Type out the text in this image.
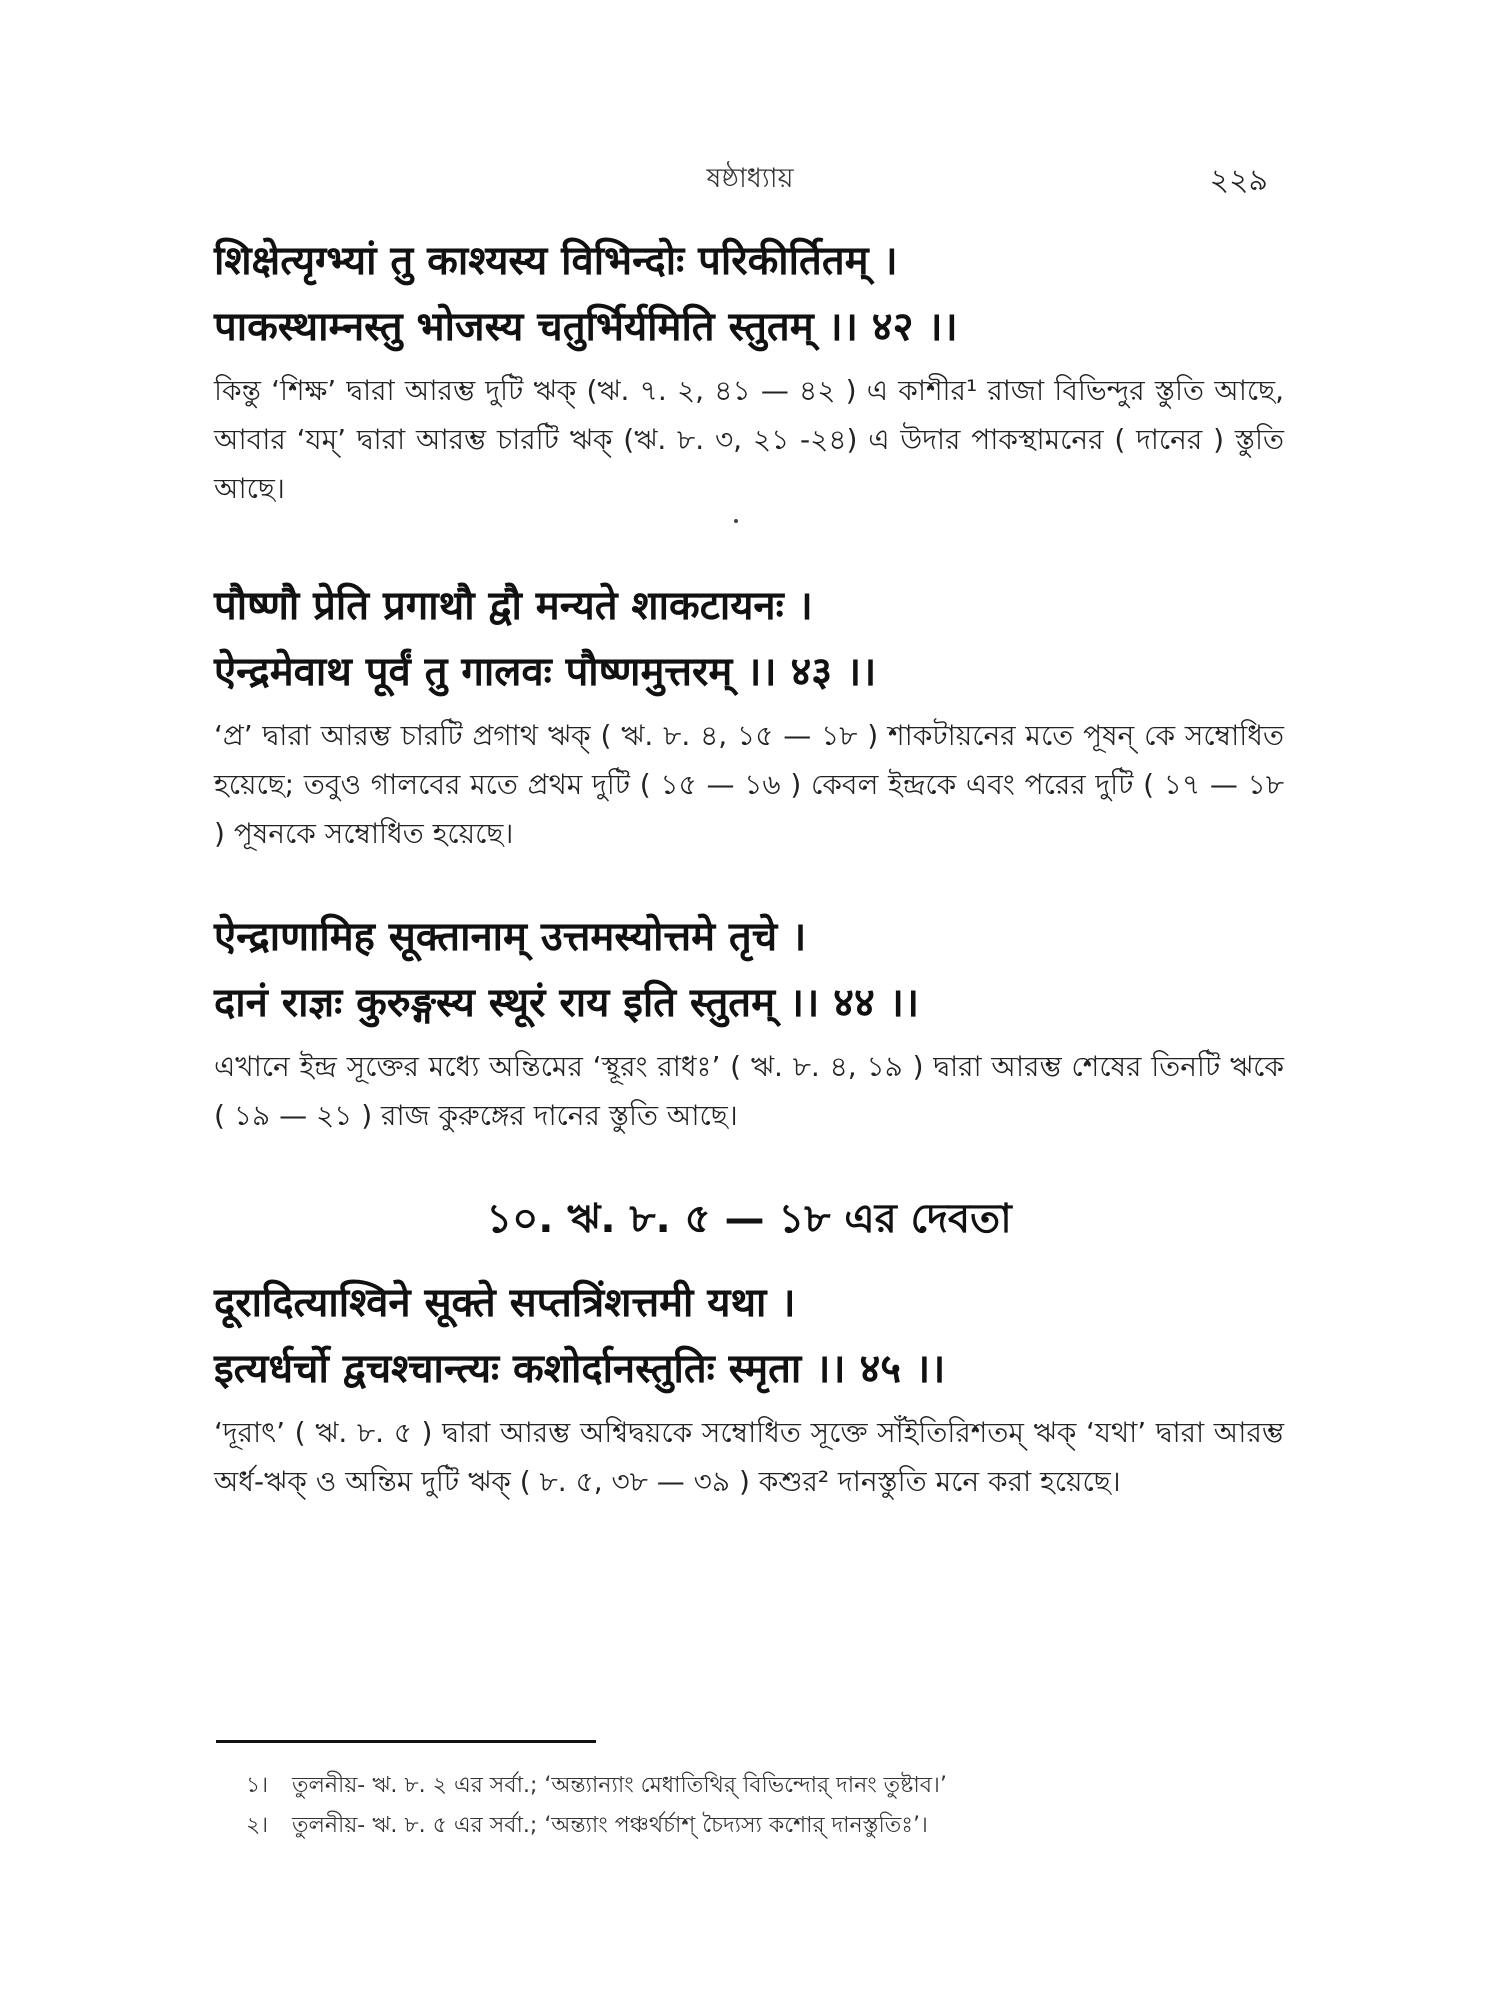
ষষ্ঠাধ্যায়	২২৯
शिक्षेत्यृग्भ्यां तु काश्यस्य विभिन्दोः परिकीर्तितम् ।
पाकस्थाम्नस्तु भोजस्य चतुर्भिर्यमिति स्तुतम् ।। ४२ ।।
কিন্তু ‘শিক্ষ’ দ্বারা আরম্ভ দুটি ঋক্ (ঋ. ৭. ২, ৪১ — ৪২ ) এ কাশীর¹ রাজা বিভিন্দুর স্তুতি আছে, আবার ‘যম্’ দ্বারা আরম্ভ চারটি ঋক্ (ঋ. ৮. ৩, ২১ -২৪) এ উদার পাকস্থামনের ( দানের ) স্তুতি আছে।
पौष्णौ प्रेति प्रगाथौ द्वौ मन्यते शाकटायनः ।
ऐन्द्रमेवाथ पूर्वं तु गालवः पौष्णमुत्तरम् ।। ४३ ।।
‘প্র’ দ্বারা আরম্ভ চারটি প্রগাথ ঋক্ ( ঋ. ৮. ৪, ১৫ — ১৮ ) শাকটায়নের মতে পূষন্ কে সম্বোধিত হয়েছে; তবুও গালবের মতে প্রথম দুটি ( ১৫ — ১৬ ) কেবল ইন্দ্রকে এবং পরের দুটি ( ১৭ — ১৮ ) পূষনকে সম্বোধিত হয়েছে।
ऐन्द्राणामिह सूक्तानाम् उत्तमस्योत्तमे तृचे ।
दानं राज्ञः कुरुङ्गस्य स्थूरं राय इति स्तुतम् ।। ४४ ।।
এখানে ইন্দ্র সূক্তের মধ্যে অন্তিমের ‘স্থূরং রাধঃ’ ( ঋ. ৮. ৪, ১৯ ) দ্বারা আরম্ভ শেষের তিনটি ঋকে ( ১৯ — ২১ ) রাজ কুরুঙ্গের দানের স্তুতি আছে।
১০. ঋ. ৮. ৫ — ১৮ এর দেবতা
दूरादित्याश्विने सूक्ते सप्तत्रिंशत्तमी यथा ।
इत्यर्धर्चो द्वचश्चान्त्यः कशोर्दानस्तुतिः स्मृता ।। ४५ ।।
‘দূরাৎ’ ( ঋ. ৮. ৫ ) দ্বারা আরম্ভ অশ্বিদ্বয়কে সম্বোধিত সূক্তে সাঁইতিরিশতম্ ঋক্ ‘যথা’ দ্বারা আরম্ভ অর্ধ-ঋক্ ও অন্তিম দুটি ঋক্ ( ৮. ৫, ৩৮ — ৩৯ ) কশুর² দানস্তুতি মনে করা হয়েছে।
১। তুলনীয়- ঋ. ৮. ২ এর সর্বা.; ‘অন্ত্যান্যাং মেধাতিথির্ বিভিন্দোর্ দানং তুষ্টাব।’
২। তুলনীয়- ঋ. ৮. ৫ এর সর্বা.; ‘অন্ত্যাং পঞ্চৰ্থর্চাশ্ চৈদ্যস্য কশোর্ দানস্তুতিঃ’।
